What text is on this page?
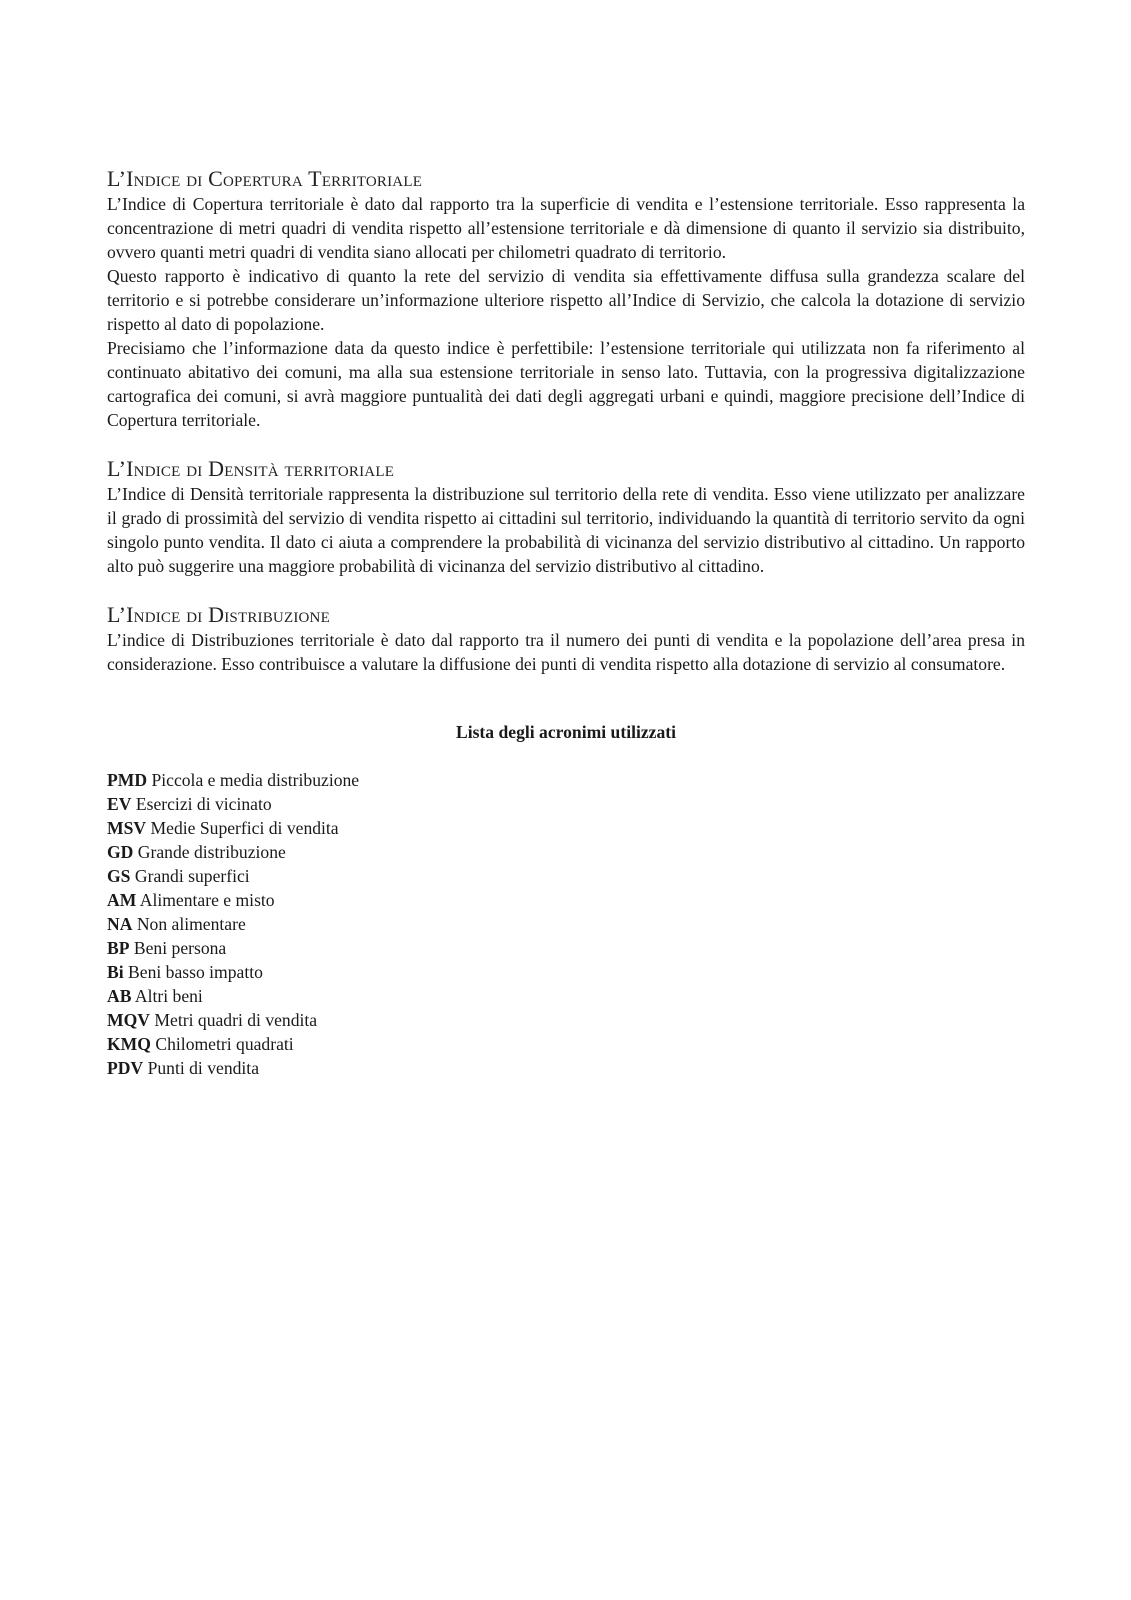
L’Indice di Copertura Territoriale

L’Indice di Copertura territoriale è dato dal rapporto tra la superficie di vendita e l’estensione territoriale. Esso rappresenta la concentrazione di metri quadri di vendita rispetto all’estensione territoriale e dà dimensione di quanto il servizio sia distribuito, ovvero quanti metri quadri di vendita siano allocati per chilometri quadrato di territorio.

Questo rapporto è indicativo di quanto la rete del servizio di vendita sia effettivamente diffusa sulla grandezza scalare del territorio e si potrebbe considerare un’informazione ulteriore rispetto all’Indice di Servizio, che calcola la dotazione di servizio rispetto al dato di popolazione.

Precisiamo che l’informazione data da questo indice è perfettibile: l’estensione territoriale qui utilizzata non fa riferimento al continuato abitativo dei comuni, ma alla sua estensione territoriale in senso lato. Tuttavia, con la progressiva digitalizzazione cartografica dei comuni, si avrà maggiore puntualità dei dati degli aggregati urbani e quindi, maggiore precisione dell’Indice di Copertura territoriale.

L’Indice di Densità territoriale

L’Indice di Densità territoriale rappresenta la distribuzione sul territorio della rete di vendita. Esso viene utilizzato per analizzare il grado di prossimità del servizio di vendita rispetto ai cittadini sul territorio, individuando la quantità di territorio servito da ogni singolo punto vendita. Il dato ci aiuta a comprendere la probabilità di vicinanza del servizio distributivo al cittadino. Un rapporto alto può suggerire una maggiore probabilità di vicinanza del servizio distributivo al cittadino.

L’Indice di Distribuzione

L’indice di Distribuziones territoriale è dato dal rapporto tra il numero dei punti di vendita e la popolazione dell’area presa in considerazione. Esso contribuisce a valutare la diffusione dei punti di vendita rispetto alla dotazione di servizio al consumatore.

Lista degli acronimi utilizzati
PMD Piccola e media distribuzione
EV Esercizi di vicinato
MSV Medie Superfici di vendita
GD Grande distribuzione
GS Grandi superfici
AM Alimentare e misto
NA Non alimentare
BP Beni persona
Bi Beni basso impatto
AB Altri beni
MQV Metri quadri di vendita
KMQ Chilometri quadrati
PDV Punti di vendita
